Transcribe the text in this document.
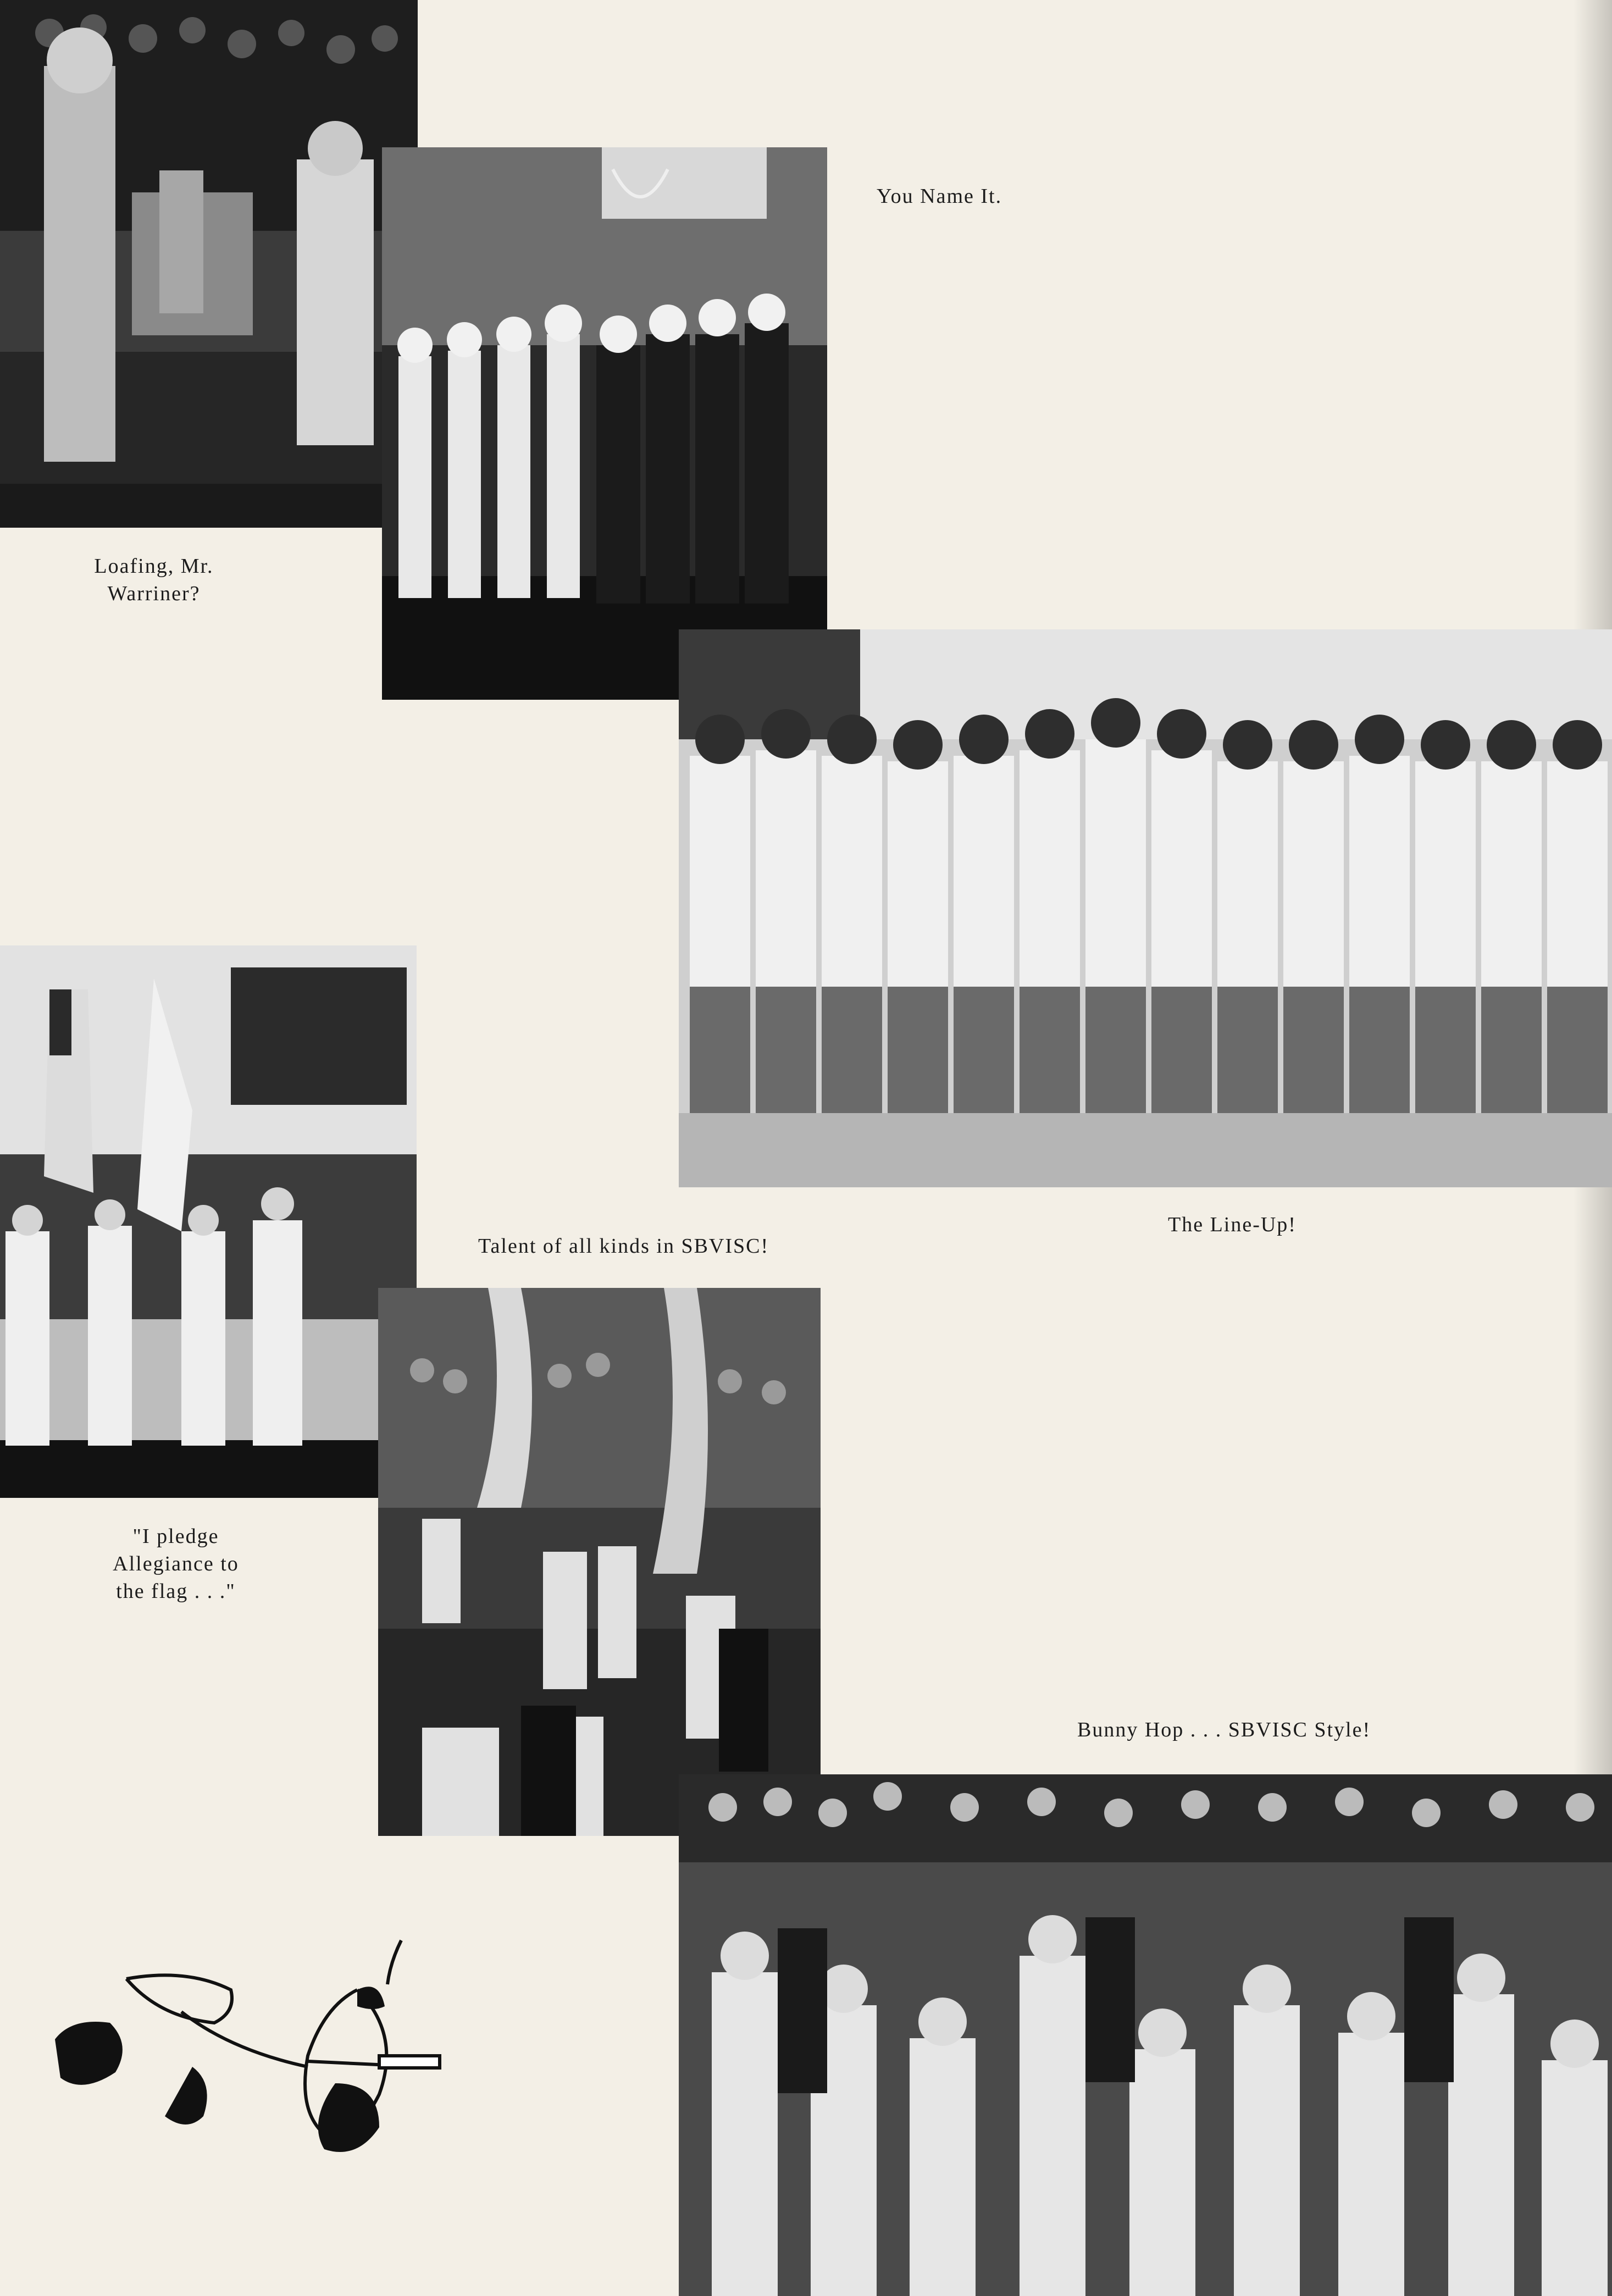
Loafing, Mr.
Warriner?
You Name It.
The Line-Up!
"I pledge
Allegiance to
the flag . . ."
Talent of all kinds in SBVISC!
Bunny Hop . . . SBVISC Style!
